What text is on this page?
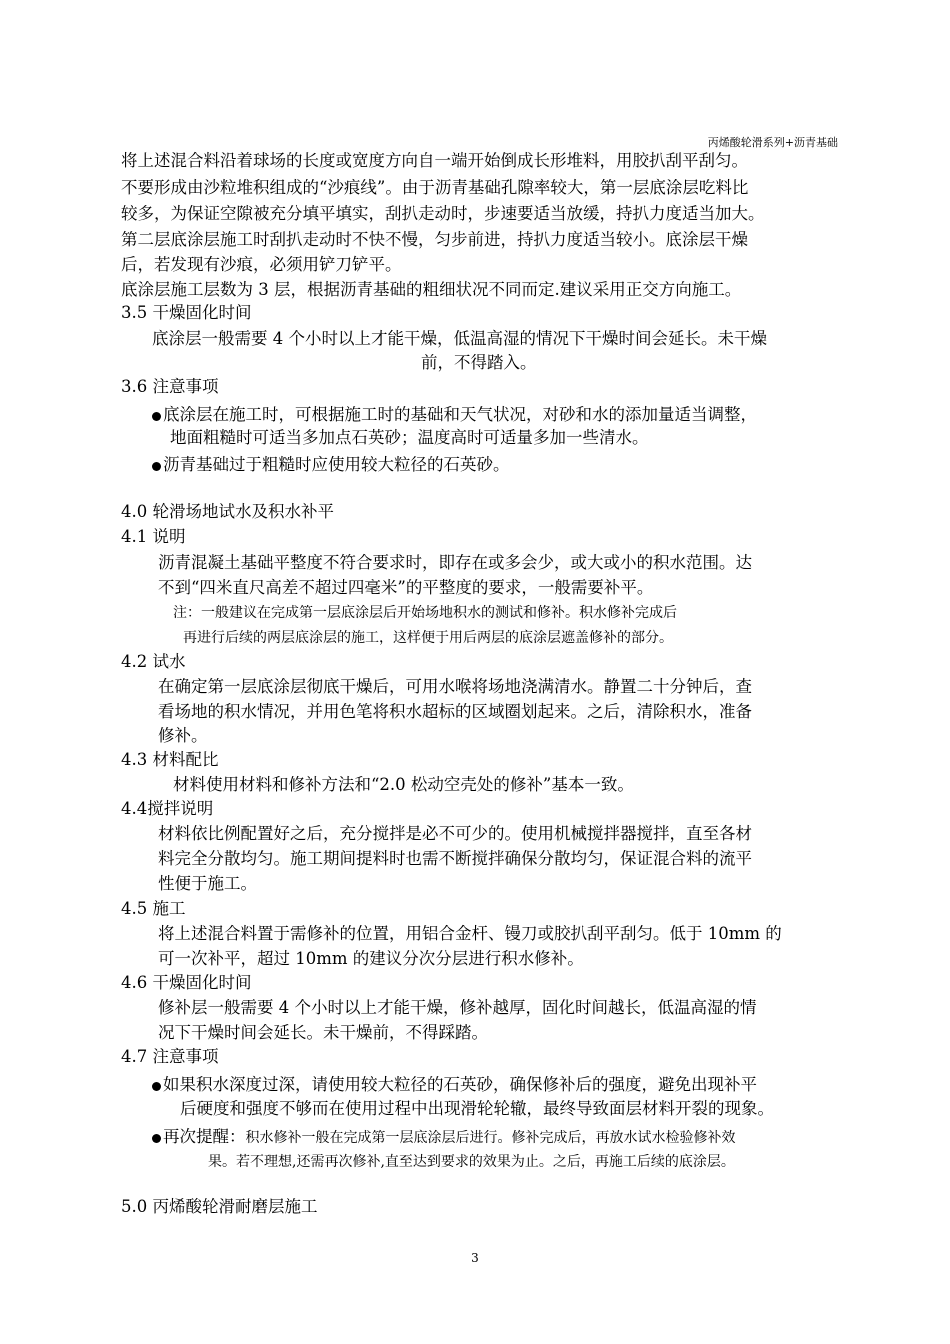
丙烯酸轮滑系列+沥青基础
将上述混合料沿着球场的长度或宽度方向自一端开始倒成长形堆料，用胶扒刮平刮匀。
不要形成由沙粒堆积组成的“沙痕线”。由于沥青基础孔隙率较大，第一层底涂层吃料比
较多，为保证空隙被充分填平填实，刮扒走动时，步速要适当放缓，持扒力度适当加大。
第二层底涂层施工时刮扒走动时不快不慢，匀步前进，持扒力度适当较小。底涂层干燥
后，若发现有沙痕，必须用铲刀铲平。
底涂层施工层数为 3 层，根据沥青基础的粗细状况不同而定.建议采用正交方向施工。
3.5 干燥固化时间
底涂层一般需要 4 个小时以上才能干燥，低温高湿的情况下干燥时间会延长。未干燥
前，不得踏入。
3.6 注意事项
底涂层在施工时，可根据施工时的基础和天气状况，对砂和水的添加量适当调整，
地面粗糙时可适当多加点石英砂；温度高时可适量多加一些清水。
沥青基础过于粗糙时应使用较大粒径的石英砂。
4.0 轮滑场地试水及积水补平
4.1 说明
沥青混凝土基础平整度不符合要求时，即存在或多会少，或大或小的积水范围。达
不到“四米直尺高差不超过四毫米”的平整度的要求，一般需要补平。
注：一般建议在完成第一层底涂层后开始场地积水的测试和修补。积水修补完成后
再进行后续的两层底涂层的施工，这样便于用后两层的底涂层遮盖修补的部分。
4.2 试水
在确定第一层底涂层彻底干燥后，可用水喉将场地浇满清水。静置二十分钟后，查
看场地的积水情况，并用色笔将积水超标的区域圈划起来。之后，清除积水，准备
修补。
4.3 材料配比
材料使用材料和修补方法和“2.0 松动空壳处的修补”基本一致。
4.4搅拌说明
材料依比例配置好之后，充分搅拌是必不可少的。使用机械搅拌器搅拌，直至各材
料完全分散均匀。施工期间提料时也需不断搅拌确保分散均匀，保证混合料的流平
性便于施工。
4.5 施工
将上述混合料置于需修补的位置，用铝合金杆、镘刀或胶扒刮平刮匀。低于 10mm 的
可一次补平，超过 10mm 的建议分次分层进行积水修补。
4.6 干燥固化时间
修补层一般需要 4 个小时以上才能干燥，修补越厚，固化时间越长，低温高湿的情
况下干燥时间会延长。未干燥前，不得踩踏。
4.7 注意事项
如果积水深度过深，请使用较大粒径的石英砂，确保修补后的强度，避免出现补平
后硬度和强度不够而在使用过程中出现滑轮轮辙，最终导致面层材料开裂的现象。
再次提醒：积水修补一般在完成第一层底涂层后进行。修补完成后，再放水试水检验修补效
果。若不理想,还需再次修补,直至达到要求的效果为止。之后，再施工后续的底涂层。
5.0 丙烯酸轮滑耐磨层施工
3
